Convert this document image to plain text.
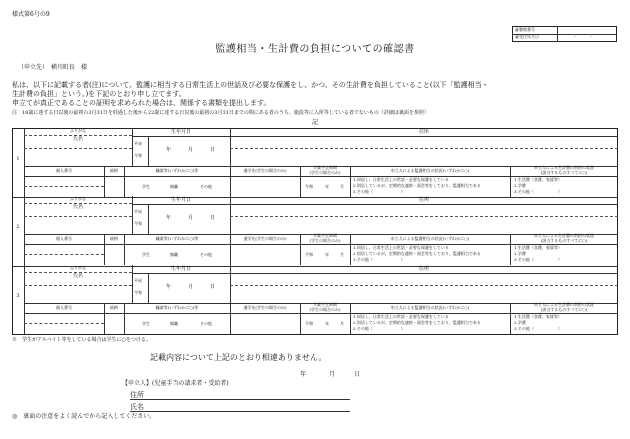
様式第6号の9
審整理番号
審受付年月日	・　　　・
監護相当・生計費の負担についての確認書
（申立先）　横川町長　様
私は、以下に記載する者(注)について、監護に相当する日常生活上の世話及び必要な保護をし、かつ、その生計費を負担していること(以下「監護相当・
生計費の負担」という。)を下記のとおり申し立てます。
申立てが真正であることの証明を求められた場合は、関係する書類を提出します。
注　18歳に達する日以後の最初の3月31日を経過した後から22歳に達する日以後の最初の3月31日までの間にある者のうち、施設等に入所等している者でないもの（詳細は裏面を参照）
記
1
ふりがな
氏名
生年月日
平成
令和
年	月	日
住所
個人番号	続柄	職業等(いずれかに○)等	通学先(学生の場合のみ)	卒業予定時期
(学生の場合のみ)	申立人による監護相当の状況(いずれかに○)	申立人による生計費の負担の状況
(該当するものすべてに○)
学生	無職	その他	令和	年	月
1.同居し、日常生活上の世話・必要な保護をしている
2.別居しているが、定期的な連絡・面会等をしており、監護相当である
3.その他（　　　　　　　）
1.生活費（食費、家賃等）
2.学費
3.その他（　　　　　　）
2
ふりがな
氏名
生年月日
平成
令和
年	月	日
住所
個人番号	続柄	職業等(いずれかに○)等	通学先(学生の場合のみ)	卒業予定時期
(学生の場合のみ)	申立人による監護相当の状況(いずれかに○)	申立人による生計費の負担の状況
(該当するものすべてに○)
学生	無職	その他	令和	年	月
1.同居し、日常生活上の世話・必要な保護をしている
2.別居しているが、定期的な連絡・面会等をしており、監護相当である
3.その他（　　　　　　　）
1.生活費（食費、家賃等）
2.学費
3.その他（　　　　　　）
3
ふりがな
氏名
生年月日
平成
令和
年	月	日
住所
個人番号	続柄	職業等(いずれかに○)等	通学先(学生の場合のみ)	卒業予定時期
(学生の場合のみ)	申立人による監護相当の状況(いずれかに○)	申立人による生計費の負担の状況
(該当するものすべてに○)
学生	無職	その他	令和	年	月
1.同居し、日常生活上の世話・必要な保護をしている
2.別居しているが、定期的な連絡・面会等をしており、監護相当である
3.その他（　　　　　　　）
1.生活費（食費、家賃等）
2.学費
3.その他（　　　　　　）
※　学生がアルバイト等をしている場合は学生に○をつける。
記載内容について上記のとおり相違ありません。
年	月	日
【申立人】(児童手当の請求者・受給者)
住所
氏名
◎　裏面の注意をよく読んでから記入してください。
